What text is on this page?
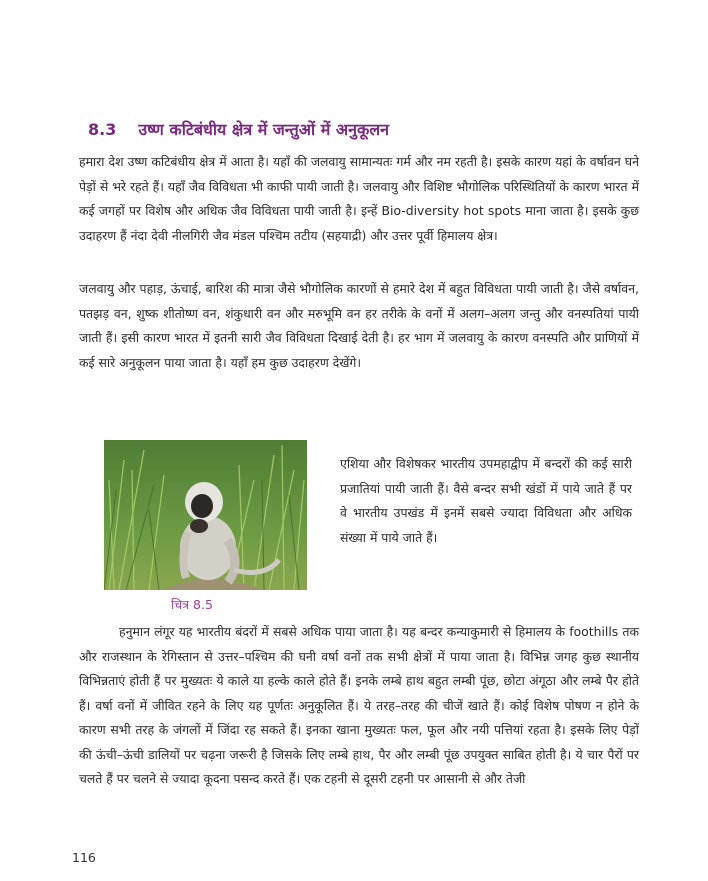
8.3 उष्ण कटिबंधीय क्षेत्र में जन्तुओं में अनुकूलन

हमारा देश उष्ण कटिबंधीय क्षेत्र में आता है। यहाँ की जलवायु सामान्यतः गर्म और नम रहती है। इसके कारण यहां के वर्षावन घने पेड़ों से भरे रहते हैं। यहाँ जैव विविधता भी काफी पायी जाती है। जलवायु और विशिष्ट भौगोलिक परिस्थितियों के कारण भारत में कई जगहों पर विशेष और अधिक जैव विविधता पायी जाती है। इन्हें Bio-diversity hot spots माना जाता है। इसके कुछ उदाहरण हैं नंदा देवी नीलगिरी जैव मंडल पश्चिम तटीय (सहयाद्री) और उत्तर पूर्वी हिमालय क्षेत्र।

जलवायु और पहाड़, ऊंचाई, बारिश की मात्रा जैसे भौगोलिक कारणों से हमारे देश में बहुत विविधता पायी जाती है। जैसे वर्षावन, पतझड़ वन, शुष्क शीतोष्ण वन, शंकुधारी वन और मरुभूमि वन हर तरीके के वनों में अलग–अलग जन्तु और वनस्पतियां पायी जाती हैं। इसी कारण भारत में इतनी सारी जैव विविधता दिखाई देती है। हर भाग में जलवायु के कारण वनस्पति और प्राणियों में कई सारे अनुकूलन पाया जाता है। यहाँ हम कुछ उदाहरण देखेंगे।

चित्र 8.5

एशिया और विशेषकर भारतीय उपमहाद्वीप में बन्दरों की कई सारी प्रजातियां पायी जाती हैं। वैसे बन्दर सभी खंडों में पाये जाते हैं पर वे भारतीय उपखंड में इनमें सबसे ज्यादा विविधता और अधिक संख्या में पाये जाते हैं।

हनुमान लंगूर यह भारतीय बंदरों में सबसे अधिक पाया जाता है। यह बन्दर कन्याकुमारी से हिमालय के foothills तक और राजस्थान के रेगिस्तान से उत्तर–पश्चिम की घनी वर्षा वनों तक सभी क्षेत्रों में पाया जाता है। विभिन्न जगह कुछ स्थानीय विभिन्नताएं होती हैं पर मुख्यतः ये काले या हल्के काले होते हैं। इनके लम्बे हाथ बहुत लम्बी पूंछ, छोटा अंगूठा और लम्बे पैर होते हैं। वर्षा वनों में जीवित रहने के लिए यह पूर्णतः अनुकूलित हैं। ये तरह–तरह की चीजें खाते हैं। कोई विशेष पोषण न होने के कारण सभी तरह के जंगलों में जिंदा रह सकते हैं। इनका खाना मुख्यतः फल, फूल और नयी पत्तियां रहता है। इसके लिए पेड़ों की ऊंची–ऊंची डालियों पर चढ़ना जरूरी है जिसके लिए लम्बे हाथ, पैर और लम्बी पूंछ उपयुक्त साबित होती है। ये चार पैरों पर चलते हैं पर चलने से ज्यादा कूदना पसन्द करते हैं। एक टहनी से दूसरी टहनी पर आसानी से और तेजी

116
